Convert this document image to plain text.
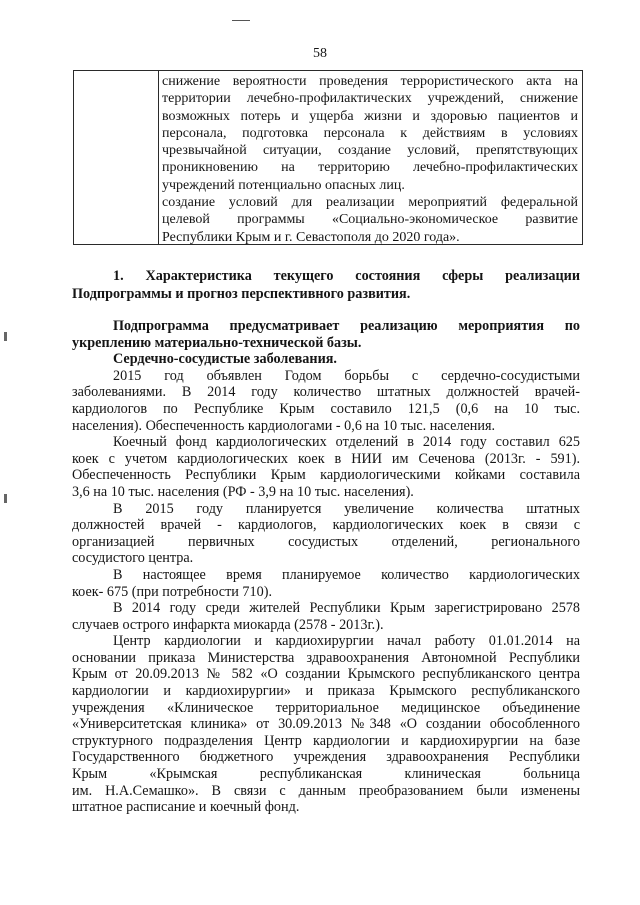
58
снижение вероятности проведения террористического акта на
территории лечебно-профилактических учреждений, снижение
возможных потерь и ущерба жизни и здоровью пациентов и
персонала, подготовка персонала к действиям в условиях
чрезвычайной ситуации, создание условий, препятствующих
проникновению на территорию лечебно-профилактических
учреждений потенциально опасных лиц.
создание условий для реализации мероприятий федеральной
целевой программы «Социально-экономическое развитие
Республики Крым и г. Севастополя до 2020 года».
1. Характеристика текущего состояния сферы реализации
Подпрограммы и прогноз перспективного развития.
Подпрограмма предусматривает реализацию мероприятия по
укреплению материально-технической базы.
Сердечно-сосудистые заболевания.
2015 год объявлен Годом борьбы с сердечно-сосудистыми
заболеваниями. В 2014 году количество штатных должностей врачей-
кардиологов по Республике Крым составило 121,5 (0,6 на 10 тыс.
населения). Обеспеченность кардиологами - 0,6 на 10 тыс. населения.
Коечный фонд кардиологических отделений в 2014 году составил 625
коек с учетом кардиологических коек в НИИ им Сеченова (2013г. - 591).
Обеспеченность Республики Крым кардиологическими койками составила
3,6 на 10 тыс. населения (РФ - 3,9 на 10 тыс. населения).
В 2015 году планируется увеличение количества штатных
должностей врачей - кардиологов, кардиологических коек в связи с
организацией первичных сосудистых отделений, регионального
сосудистого центра.
В настоящее время планируемое количество кардиологических
коек- 675 (при потребности 710).
В 2014 году среди жителей Республики Крым зарегистрировано 2578
случаев острого инфаркта миокарда (2578 - 2013г.).
Центр кардиологии и кардиохирургии начал работу 01.01.2014 на
основании приказа Министерства здравоохранения Автономной Республики
Крым от 20.09.2013 № 582 «О создании Крымского республиканского центра
кардиологии и кардиохирургии» и приказа Крымского республиканского
учреждения «Клиническое территориальное медицинское объединение
«Университетская клиника» от 30.09.2013 №348 «О создании обособленного
структурного подразделения Центр кардиологии и кардиохирургии на базе
Государственного бюджетного учреждения здравоохранения Республики
Крым «Крымская республиканская клиническая больница
им. Н.А.Семашко». В связи с данным преобразованием были изменены
штатное расписание и коечный фонд.
